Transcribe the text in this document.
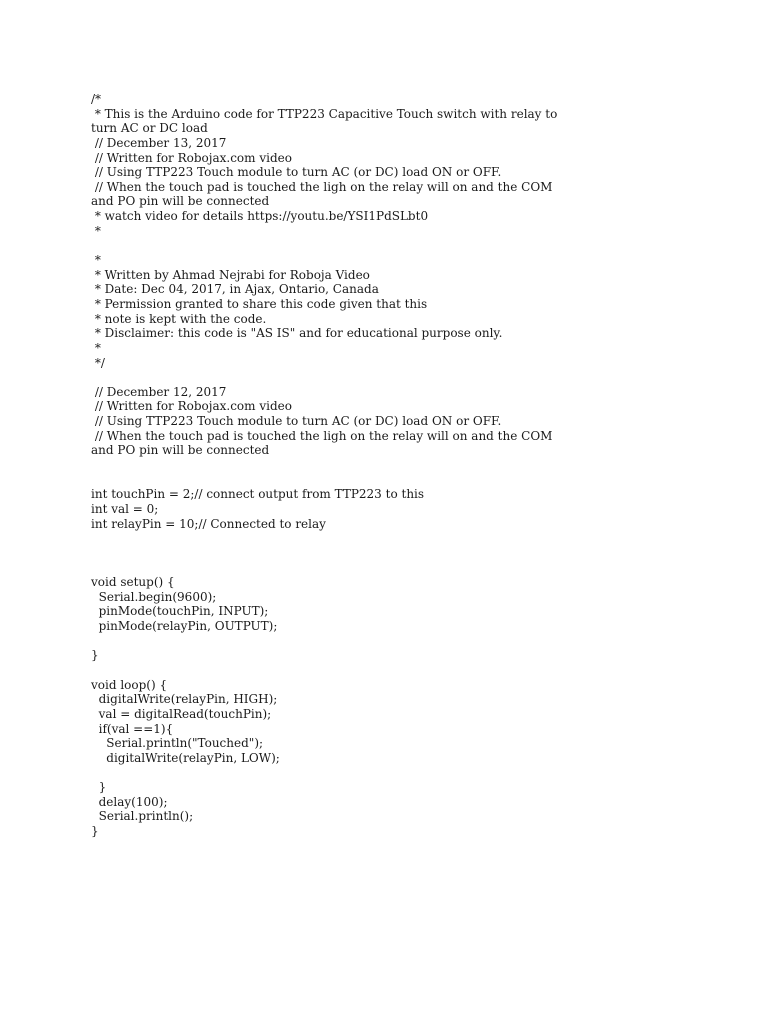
/*
* This is the Arduino code for TTP223 Capacitive Touch switch with relay to
turn AC or DC load
// December 13, 2017
// Written for Robojax.com video
// Using TTP223 Touch module to turn AC (or DC) load ON or OFF.
// When the touch pad is touched the ligh on the relay will on and the COM
and PO pin will be connected
* watch video for details https://youtu.be/YSI1PdSLbt0
*
*
* Written by Ahmad Nejrabi for Roboja Video
* Date: Dec 04, 2017, in Ajax, Ontario, Canada
* Permission granted to share this code given that this
* note is kept with the code.
* Disclaimer: this code is "AS IS" and for educational purpose only.
*
*/
// December 12, 2017
// Written for Robojax.com video
// Using TTP223 Touch module to turn AC (or DC) load ON or OFF.
// When the touch pad is touched the ligh on the relay will on and the COM
and PO pin will be connected
int touchPin = 2;// connect output from TTP223 to this
int val = 0;
int relayPin = 10;// Connected to relay
void setup() {
Serial.begin(9600);
pinMode(touchPin, INPUT);
pinMode(relayPin, OUTPUT);
}
void loop() {
digitalWrite(relayPin, HIGH);
val = digitalRead(touchPin);
if(val ==1){
Serial.println("Touched");
digitalWrite(relayPin, LOW);
}
delay(100);
Serial.println();
}
